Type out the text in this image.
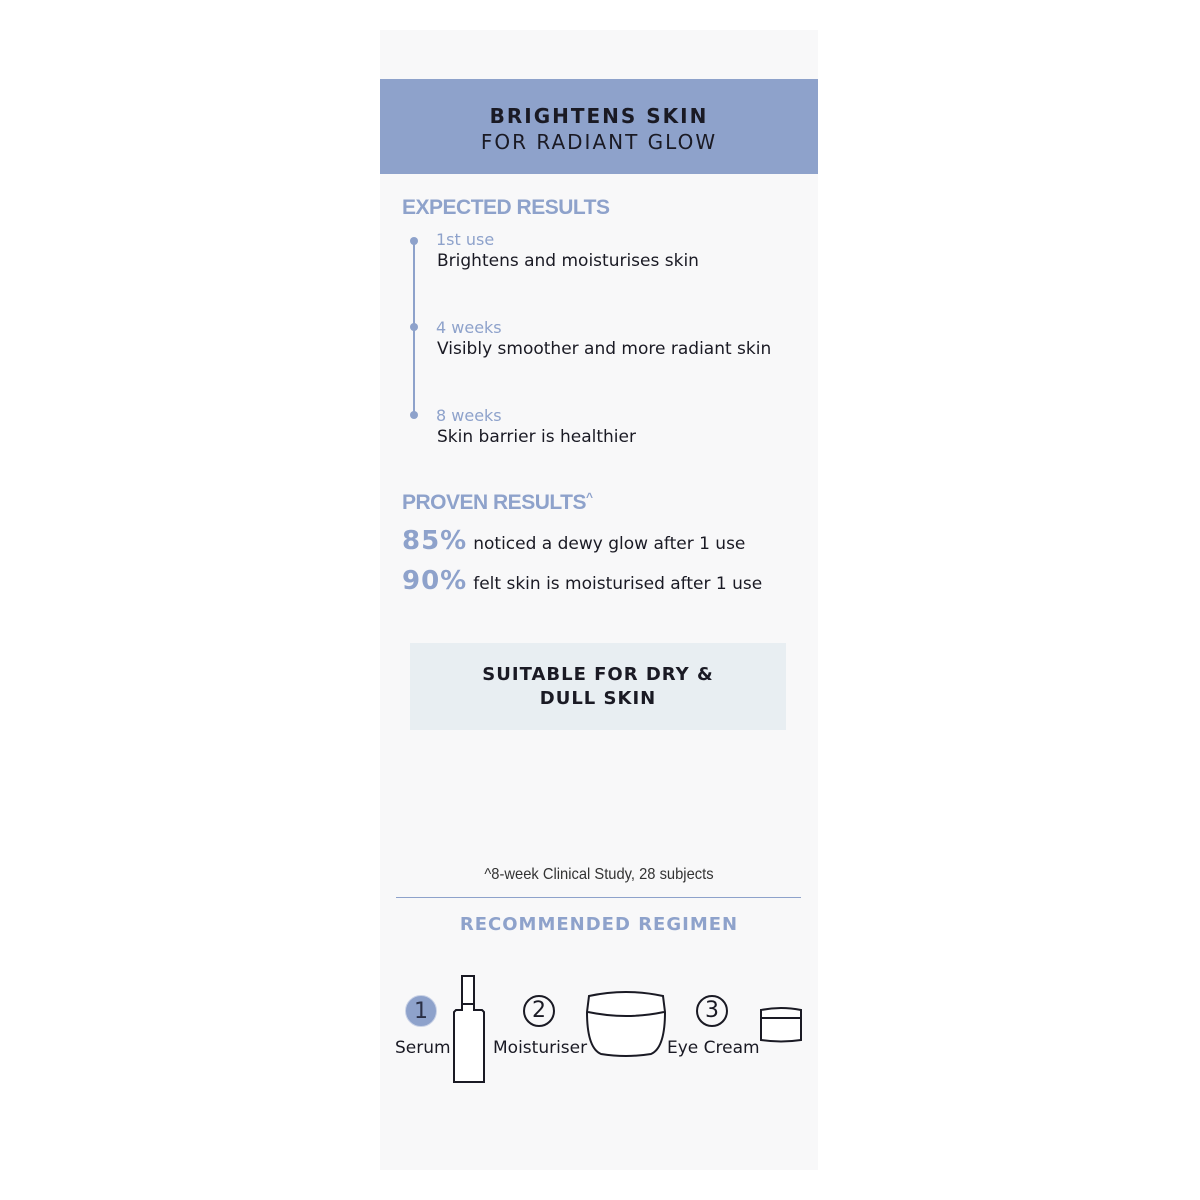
BRIGHTENS SKIN
FOR RADIANT GLOW
EXPECTED RESULTS
1st use
Brightens and moisturises skin
4 weeks
Visibly smoother and more radiant skin
8 weeks
Skin barrier is healthier
PROVEN RESULTS^
85% noticed a dewy glow after 1 use
90% felt skin is moisturised after 1 use
SUITABLE FOR DRY &
DULL SKIN
^8-week Clinical Study, 28 subjects
RECOMMENDED REGIMEN
1
Serum
2
Moisturiser
3
Eye Cream
